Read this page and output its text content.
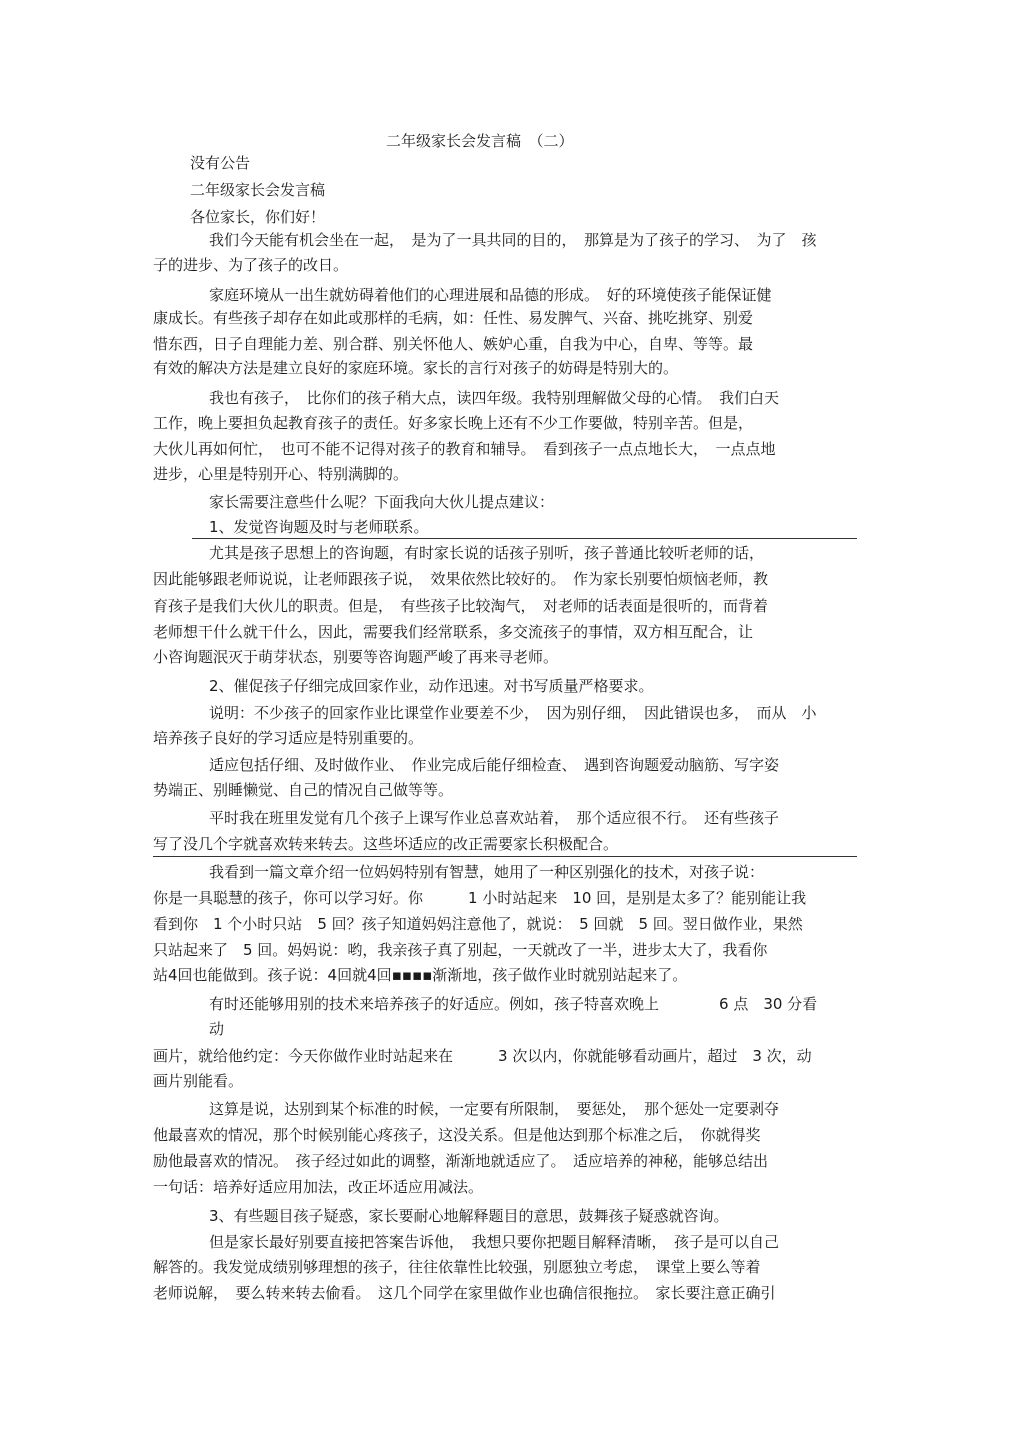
二年级家长会发言稿　（二）
没有公告
二年级家长会发言稿
各位家长，你们好！
我们今天能有机会坐在一起，　是为了一具共同的目的，　那算是为了孩子的学习、　为了　孩
子的进步、为了孩子的改日。
家庭环境从一出生就妨碍着他们的心理进展和品德的形成。　好的环境使孩子能保证健
康成长。有些孩子却存在如此或那样的毛病，如：任性、易发脾气、兴奋、挑吃挑穿、别爱
惜东西，日子自理能力差、别合群、别关怀他人、嫉妒心重，自我为中心，自卑、等等。最
有效的解决方法是建立良好的家庭环境。家长的言行对孩子的妨碍是特别大的。
我也有孩子，　比你们的孩子稍大点，读四年级。我特别理解做父母的心情。　我们白天
工作，晚上要担负起教育孩子的责任。好多家长晚上还有不少工作要做，特别辛苦。但是，
大伙儿再如何忙，　也可不能不记得对孩子的教育和辅导。　看到孩子一点点地长大，　一点点地
进步，心里是特别开心、特别满脚的。
家长需要注意些什么呢？下面我向大伙儿提点建议：
1、发觉咨询题及时与老师联系。
尤其是孩子思想上的咨询题，有时家长说的话孩子别听，孩子普通比较听老师的话，
因此能够跟老师说说，让老师跟孩子说，　效果依然比较好的。　作为家长别要怕烦恼老师，教
育孩子是我们大伙儿的职责。但是，　有些孩子比较淘气，　对老师的话表面是很听的，而背着
老师想干什么就干什么，因此，需要我们经常联系，多交流孩子的事情，双方相互配合，让
小咨询题泯灭于萌芽状态，别要等咨询题严峻了再来寻老师。
2、催促孩子仔细完成回家作业，动作迅速。对书写质量严格要求。
说明：不少孩子的回家作业比课堂作业要差不少，　因为别仔细，　因此错误也多，　而从　小
培养孩子良好的学习适应是特别重要的。
适应包括仔细、及时做作业、　作业完成后能仔细检查、　遇到咨询题爱动脑筋、写字姿
势端正、别睡懒觉、自己的情况自己做等等。
平时我在班里发觉有几个孩子上课写作业总喜欢站着，　那个适应很不行。　还有些孩子
写了没几个字就喜欢转来转去。这些坏适应的改正需要家长积极配合。
我看到一篇文章介绍一位妈妈特别有智慧，她用了一种区别强化的技术，对孩子说：
你是一具聪慧的孩子，你可以学习好。你　　　1 小时站起来　10 回，是别是太多了？能别能让我
看到你　1 个小时只站　5 回？孩子知道妈妈注意他了，就说：　5 回就　5 回。翌日做作业，果然
只站起来了　5 回。妈妈说：哟，我亲孩子真了别起，一天就改了一半，进步太大了，我看你
站4回也能做到。孩子说：4回就4回▪▪▪▪渐渐地，孩子做作业时就别站起来了。
有时还能够用别的技术来培养孩子的好适应。例如，孩子特喜欢晚上　　　　6 点　30 分看
动
画片，就给他约定：今天你做作业时站起来在　　　3 次以内，你就能够看动画片，超过　3 次，动
画片别能看。
这算是说，达别到某个标准的时候，一定要有所限制，　要惩处，　那个惩处一定要剥夺
他最喜欢的情况，那个时候别能心疼孩子，这没关系。但是他达到那个标准之后，　你就得奖
励他最喜欢的情况。　孩子经过如此的调整，渐渐地就适应了。　适应培养的神秘，能够总结出
一句话：培养好适应用加法，改正坏适应用减法。
3、有些题目孩子疑惑，家长要耐心地解释题目的意思，鼓舞孩子疑惑就咨询。
但是家长最好别要直接把答案告诉他，　我想只要你把题目解释清晰，　孩子是可以自己
解答的。我发觉成绩别够理想的孩子，往往依靠性比较强，别愿独立考虑，　课堂上要么等着
老师说解，　要么转来转去偷看。　这几个同学在家里做作业也确信很拖拉。　家长要注意正确引
